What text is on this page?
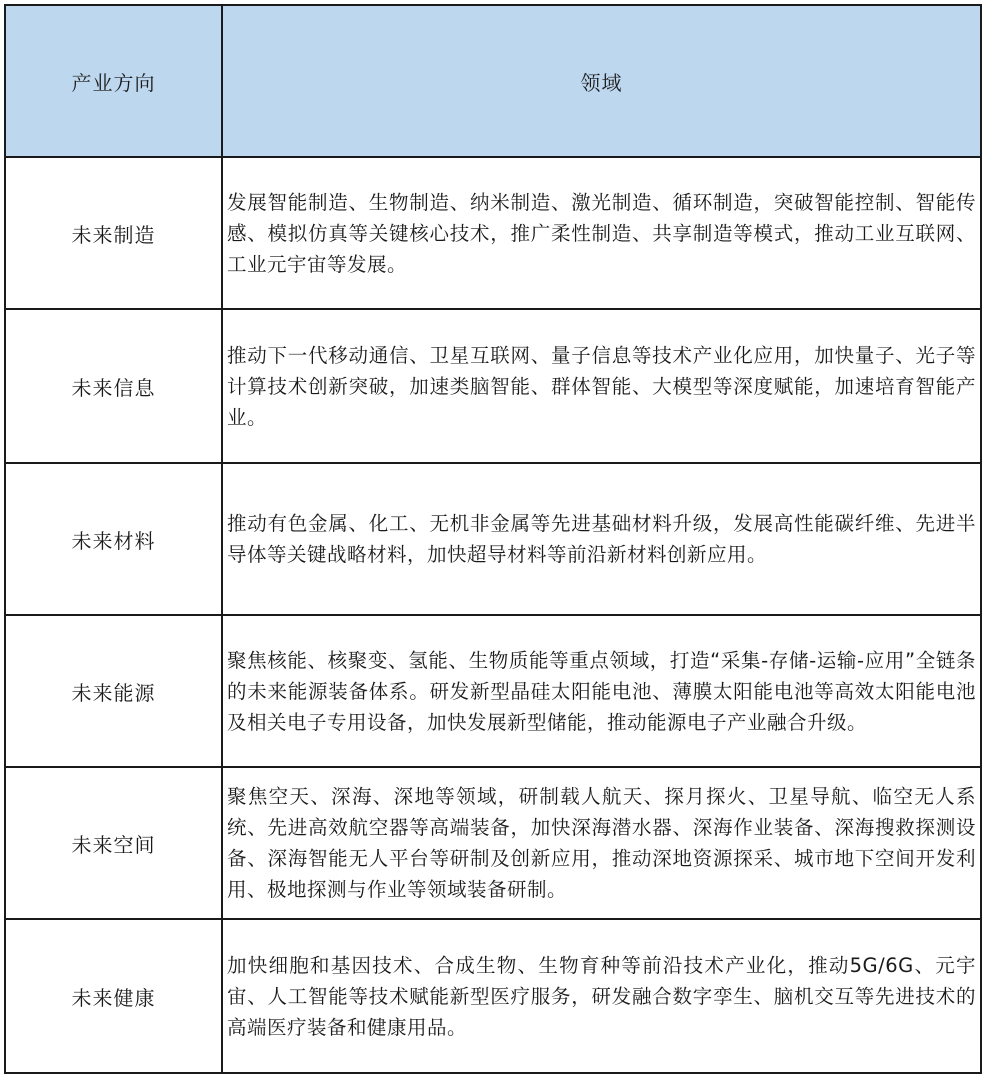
产业方向	领域
未来制造	发展智能制造、生物制造、纳米制造、激光制造、循环制造，突破智能控制、智能传感、模拟仿真等关键核心技术，推广柔性制造、共享制造等模式，推动工业互联网、工业元宇宙等发展。
未来信息	推动下一代移动通信、卫星互联网、量子信息等技术产业化应用，加快量子、光子等计算技术创新突破，加速类脑智能、群体智能、大模型等深度赋能，加速培育智能产业。
未来材料	推动有色金属、化工、无机非金属等先进基础材料升级，发展高性能碳纤维、先进半导体等关键战略材料，加快超导材料等前沿新材料创新应用。
未来能源	聚焦核能、核聚变、氢能、生物质能等重点领域，打造“采集-存储-运输-应用”全链条的未来能源装备体系。研发新型晶硅太阳能电池、薄膜太阳能电池等高效太阳能电池及相关电子专用设备，加快发展新型储能，推动能源电子产业融合升级。
未来空间	聚焦空天、深海、深地等领域，研制载人航天、探月探火、卫星导航、临空无人系统、先进高效航空器等高端装备，加快深海潜水器、深海作业装备、深海搜救探测设备、深海智能无人平台等研制及创新应用，推动深地资源探采、城市地下空间开发利用、极地探测与作业等领域装备研制。
未来健康	加快细胞和基因技术、合成生物、生物育种等前沿技术产业化，推动5G/6G、元宇宙、人工智能等技术赋能新型医疗服务，研发融合数字孪生、脑机交互等先进技术的高端医疗装备和健康用品。
